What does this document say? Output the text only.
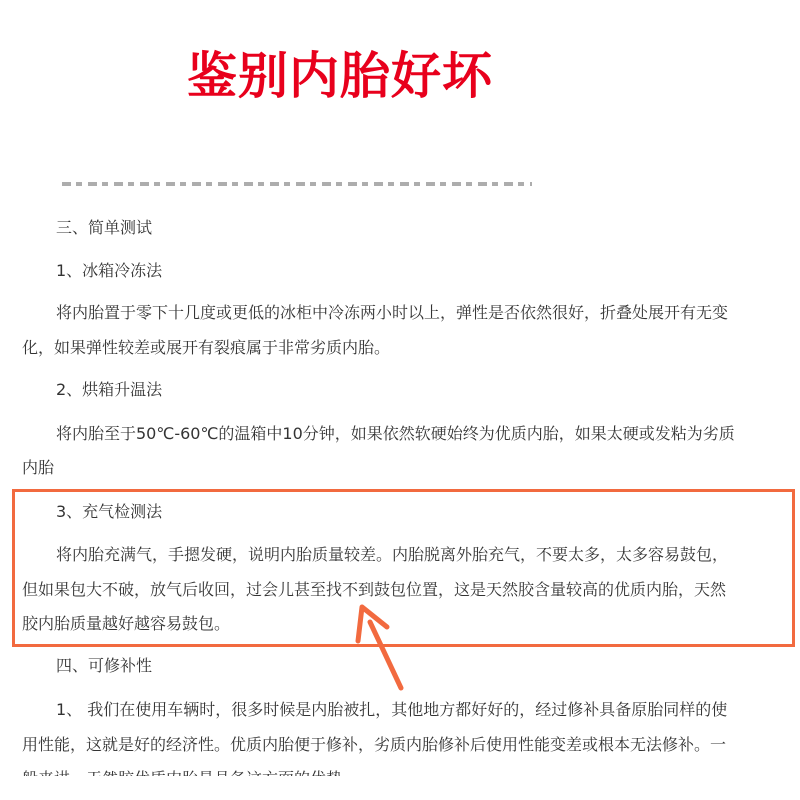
鉴别内胎好坏
三、简单测试
1、冰箱冷冻法
将内胎置于零下十几度或更低的冰柜中冷冻两小时以上，弹性是否依然很好，折叠处展开有无变
化，如果弹性较差或展开有裂痕属于非常劣质内胎。
2、烘箱升温法
将内胎至于50℃-60℃的温箱中10分钟，如果依然软硬始终为优质内胎，如果太硬或发粘为劣质
内胎
3、充气检测法
将内胎充满气，手摁发硬，说明内胎质量较差。内胎脱离外胎充气，不要太多，太多容易鼓包，
但如果包大不破，放气后收回，过会儿甚至找不到鼓包位置，这是天然胶含量较高的优质内胎，天然
胶内胎质量越好越容易鼓包。
四、可修补性
1、 我们在使用车辆时，很多时候是内胎被扎，其他地方都好好的，经过修补具备原胎同样的使
用性能，这就是好的经济性。优质内胎便于修补，劣质内胎修补后使用性能变差或根本无法修补。一
